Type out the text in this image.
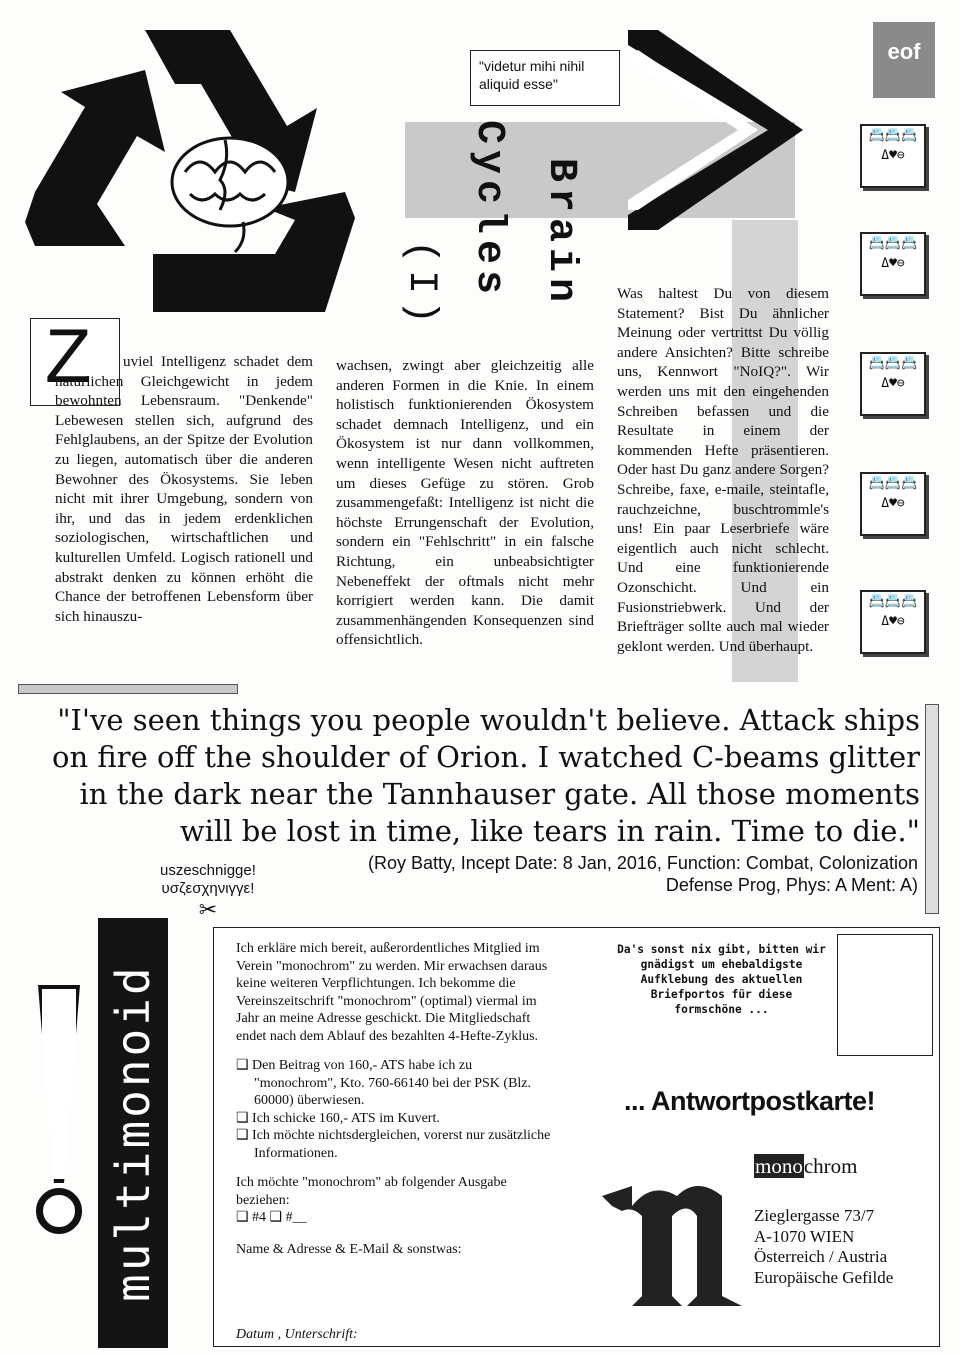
"videtur mihi nihil aliquid esse"
Brain
Cycles
(I)
eof
📇📇📇
Δ♥⊖
📇📇📇
Δ♥⊖
📇📇📇
Δ♥⊖
📇📇📇
Δ♥⊖
📇📇📇
Δ♥⊖
Z	uviel Intelligenz schadet dem natürlichen Gleichgewicht in jedem bewohnten Lebensraum. "Denkende" Lebewesen stellen sich, aufgrund des Fehlglaubens, an der Spitze der Evolution zu liegen, automatisch über die anderen Bewohner des Ökosystems. Sie leben nicht mit ihrer Umgebung, sondern von ihr, und das in jedem erdenklichen soziologischen, wirtschaftlichen und kulturellen Umfeld. Logisch rationell und abstrakt denken zu können erhöht die Chance der betroffenen Lebensform über sich hinauszu-

wachsen, zwingt aber gleichzeitig alle anderen Formen in die Knie. In einem holistisch funktionierenden Ökosystem schadet demnach Intelligenz, und ein Ökosystem ist nur dann vollkommen, wenn intelligente Wesen nicht auftreten um dieses Gefüge zu stören. Grob zusammengefaßt: Intelligenz ist nicht die höchste Errungenschaft der Evolution, sondern ein "Fehlschritt" in ein falsche Richtung, ein unbeabsichtigter Nebeneffekt der oftmals nicht mehr korrigiert werden kann. Die damit zusammenhängenden Konsequenzen sind offensichtlich.

Was haltest Du von diesem Statement? Bist Du ähnlicher Meinung oder vertrittst Du völlig andere Ansichten? Bitte schreibe uns, Kennwort "NoIQ?". Wir werden uns mit den eingehenden Schreiben befassen und die Resultate in einem der kommenden Hefte präsentieren. Oder hast Du ganz andere Sorgen? Schreibe, faxe, e-maile, steintafle, rauchzeichne, buschtrommle's uns! Ein paar Leserbriefe wäre eigentlich auch nicht schlecht. Und eine funktionierende Ozonschicht. Und ein Fusionstriebwerk. Und der Briefträger sollte auch mal wieder geklont werden. Und überhaupt.

"I've seen things you people wouldn't believe. Attack ships on fire off the shoulder of Orion. I watched C-beams glitter in the dark near the Tannhauser gate. All those moments will be lost in time, like tears in rain. Time to die."
(Roy Batty, Incept Date: 8 Jan, 2016, Function: Combat, Colonization Defense Prog, Phys: A Ment: A)
uszeschnigge!
υσζεσχηνιγγε!
✂
multimonoid

Ich erkläre mich bereit, außerordentliches Mitglied im Verein "monochrom" zu werden. Mir erwachsen daraus keine weiteren Verpflichtungen. Ich bekomme die Vereinszeitschrift "monochrom" (optimal) viermal im Jahr an meine Adresse geschickt. Die Mitgliedschaft endet nach dem Ablauf des bezahlten 4-Hefte-Zyklus.

❑ Den Beitrag von 160,- ATS habe ich zu "monochrom", Kto. 760-66140 bei der PSK (Blz. 60000) überwiesen.

❑ Ich schicke 160,- ATS im Kuvert.

❑ Ich möchte nichtsdergleichen, vorerst nur zusätzliche Informationen.

Ich möchte "monochrom" ab folgender Ausgabe beziehen:

❑ #4 ❑ #__

Name & Adresse & E-Mail & sonstwas:

Datum , Unterschrift:

Da's sonst nix gibt, bitten wir gnädigst um ehebaldigste Aufklebung des aktuellen Briefportos für diese formschöne ...
... Antwortpostkarte!
monochrom
Zieglergasse 73/7
A-1070 WIEN
Österreich / Austria
Europäische Gefilde
